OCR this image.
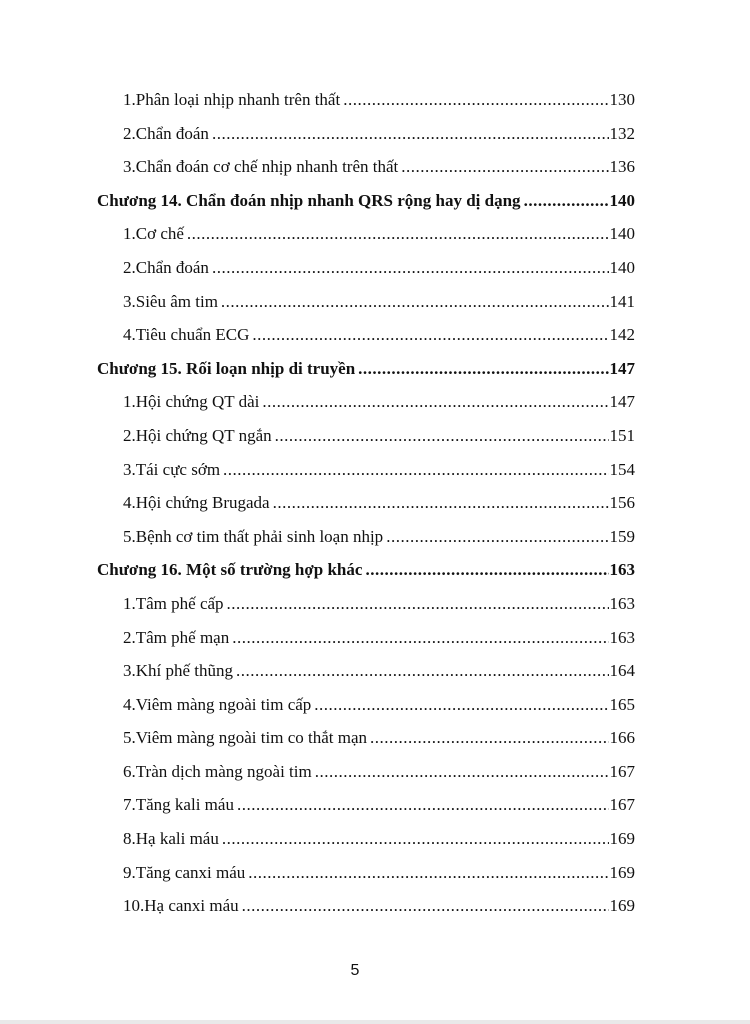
1. Phân loại nhịp nhanh trên thất .....	130
2. Chẩn đoán .....	132
3. Chẩn đoán cơ chế nhịp nhanh trên thất .....	136
Chương 14. Chẩn đoán nhịp nhanh QRS rộng hay dị dạng .....	140
1. Cơ chế .....	140
2. Chẩn đoán .....	140
3. Siêu âm tim .....	141
4. Tiêu chuẩn ECG .....	142
Chương 15. Rối loạn nhịp di truyền .....	147
1. Hội chứng QT dài .....	147
2. Hội chứng QT ngắn .....	151
3. Tái cực sớm .....	154
4. Hội chứng Brugada .....	156
5. Bệnh cơ tim thất phải sinh loạn nhịp .....	159
Chương 16. Một số trường hợp khác .....	163
1. Tâm phế cấp .....	163
2. Tâm phế mạn .....	163
3. Khí phế thũng .....	164
4. Viêm màng ngoài tim cấp .....	165
5. Viêm màng ngoài tim co thắt mạn .....	166
6. Tràn dịch màng ngoài tim .....	167
7. Tăng kali máu .....	167
8. Hạ kali máu .....	169
9. Tăng canxi máu .....	169
10. Hạ canxi máu .....	169
5
